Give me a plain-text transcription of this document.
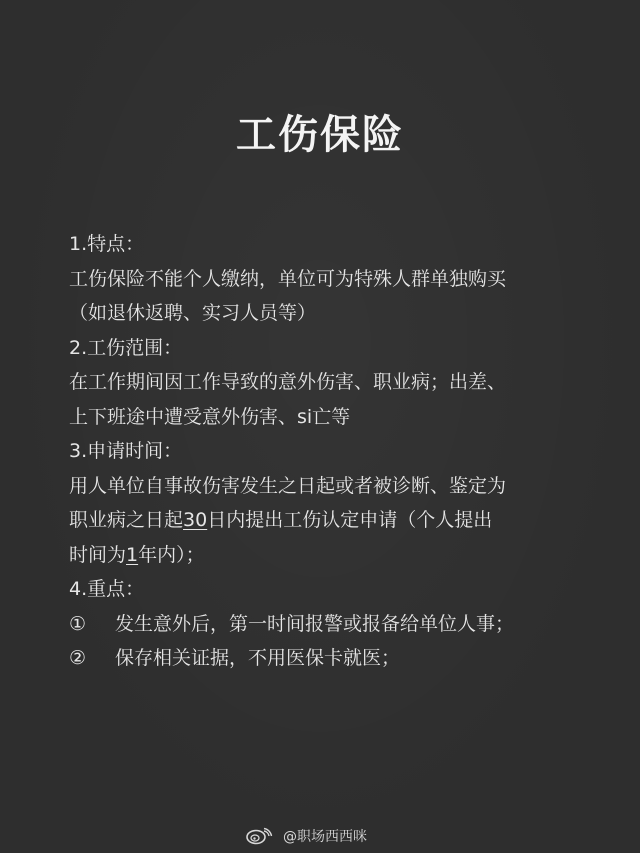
工伤保险
1.特点：
工伤保险不能个人缴纳，单位可为特殊人群单独购买
（如退休返聘、实习人员等）
2.工伤范围：
在工作期间因工作导致的意外伤害、职业病；出差、
上下班途中遭受意外伤害、si亡等
3.申请时间：
用人单位自事故伤害发生之日起或者被诊断、鉴定为
职业病之日起30日内提出工伤认定申请（个人提出
时间为1年内）；
4.重点：
①	发生意外后，第一时间报警或报备给单位人事；
②	保存相关证据，不用医保卡就医；
@职场西西咪
